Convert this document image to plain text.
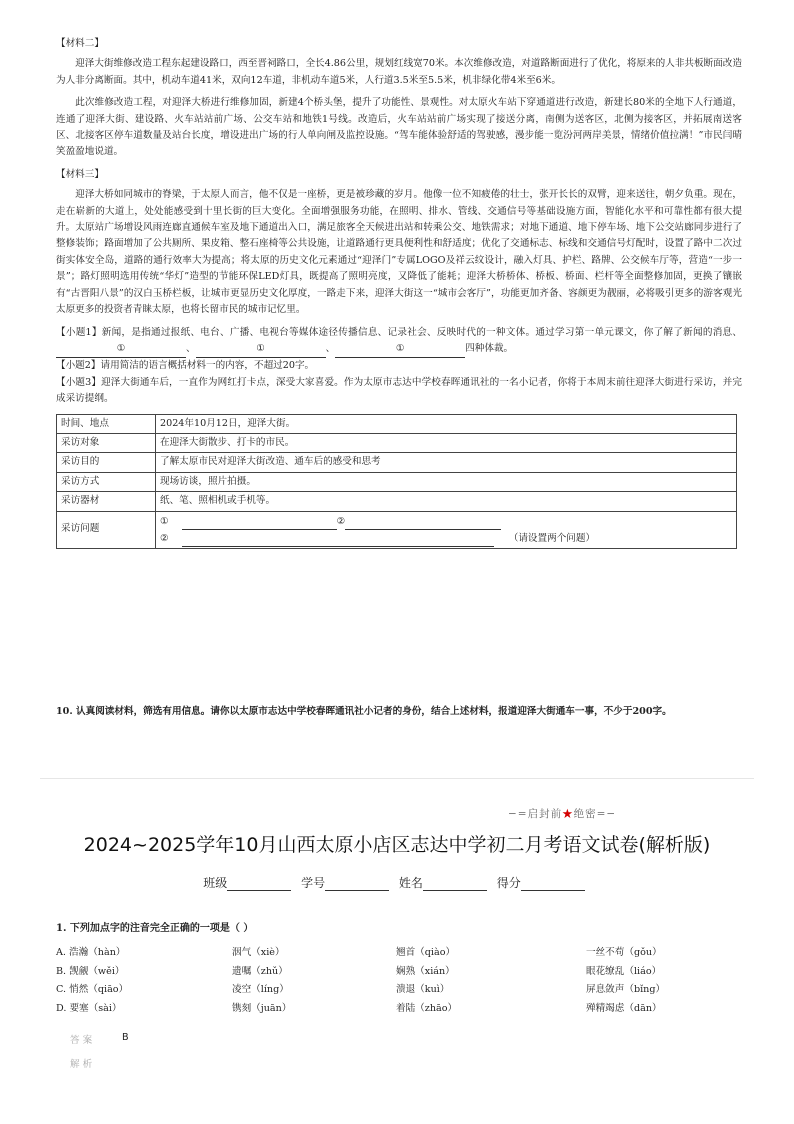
【材料二】

迎泽大街维修改造工程东起建设路口，西至晋祠路口，全长4.86公里，规划红线宽70米。本次维修改造，对道路断面进行了优化，将原来的人非共板断面改造为人非分离断面。其中，机动车道41米，双向12车道，非机动车道5米，人行道3.5米至5.5米，机非绿化带4米至6米。

此次维修改造工程，对迎泽大桥进行维修加固，新建4个桥头堡，提升了功能性、景观性。对太原火车站下穿通道进行改造，新建长80米的全地下人行通道，连通了迎泽大街、建设路、火车站站前广场、公交车站和地铁1号线。改造后，火车站站前广场实现了接送分离，南侧为送客区，北侧为接客区，并拓展南送客区、北接客区停车道数量及站台长度，增设进出广场的行人单向闸及监控设施。“驾车能体验舒适的驾驶感，漫步能一览汾河两岸美景，情绪价值拉满！”市民闫晴笑盈盈地说道。

【材料三】

迎泽大桥如同城市的脊梁，于太原人而言，他不仅是一座桥，更是被珍藏的岁月。他像一位不知疲倦的壮士，张开长长的双臂，迎来送往，朝夕负重。现在，走在崭新的大道上，处处能感受到十里长街的巨大变化。全面增强服务功能，在照明、排水、管线、交通信号等基础设施方面，智能化水平和可靠性都有很大提升。太原站广场增设风雨连廊直通候车室及地下通道出入口，满足旅客全天候进出站和转乘公交、地铁需求；对地下通道、地下停车场、地下公交站廊同步进行了整修装饰；路面增加了公共厕所、果皮箱、整石座椅等公共设施，让道路通行更具便利性和舒适度；优化了交通标志、标线和交通信号灯配时，设置了路中二次过街实体安全岛，道路的通行效率大为提高；将太原的历史文化元素通过“迎泽门”专属LOGO及祥云纹设计，融入灯具、护栏、路牌、公交候车厅等，营造“一步一景”；路灯照明选用传统“华灯”造型的节能环保LED灯具，既提高了照明亮度，又降低了能耗；迎泽大桥桥体、桥板、桥面、栏杆等全面整修加固，更换了镶嵌有“古晋阳八景”的汉白玉桥栏板，让城市更显历史文化厚度，一路走下来，迎泽大街这一“城市会客厅”，功能更加齐备、容颜更为靓丽，必将吸引更多的游客观光太原更多的投资者青睐太原，也将长留市民的城市记忆里。

【小题1】新闻，是指通过报纸、电台、广播、电视台等媒体途径传播信息、记录社会、反映时代的一种文体。通过学习第一单元课文，你了解了新闻的消息、①	、	①	、	①	四种体裁。

【小题2】请用简洁的语言概括材料一的内容，不超过20字。

【小题3】迎泽大街通车后，一直作为网红打卡点，深受大家喜爱。作为太原市志达中学校春晖通讯社的一名小记者，你将于本周末前往迎泽大街进行采访，并完成采访提纲。

时间、地点	2024年10月12日，迎泽大街。
采访对象	在迎泽大街散步、打卡的市民。
采访目的	了解太原市民对迎泽大街改造、通车后的感受和思考
采访方式	现场访谈，照片拍摄。
采访器材	纸、笔、照相机或手机等。
采访问题	① ②
② （请设置两个问题）

10. 认真阅读材料，筛选有用信息。请你以太原市志达中学校春晖通讯社小记者的身份，结合上述材料，报道迎泽大街通车一事，不少于200字。

−=启封前★绝密=−
2024~2025学年10月山西太原小店区志达中学初二月考语文试卷(解析版)
班级	学号	姓名	得分
1. 下列加点字的注音完全正确的一项是（ ）
A. 浩瀚（hàn）	洇气（xiè）	翘首（qiào）	一丝不苟（gǒu）
B. 觊觎（wěi）	遗嘱（zhǔ）	娴熟（xián）	眼花缭乱（liáo）
C. 悄然（qiāo）	凌空（líng）	溃退（kuì）	屏息敛声（bǐng）
D. 要塞（sài）	镌刻（juān）	着陆（zhāo）	殚精竭虑（dān）
答案	B
解析
